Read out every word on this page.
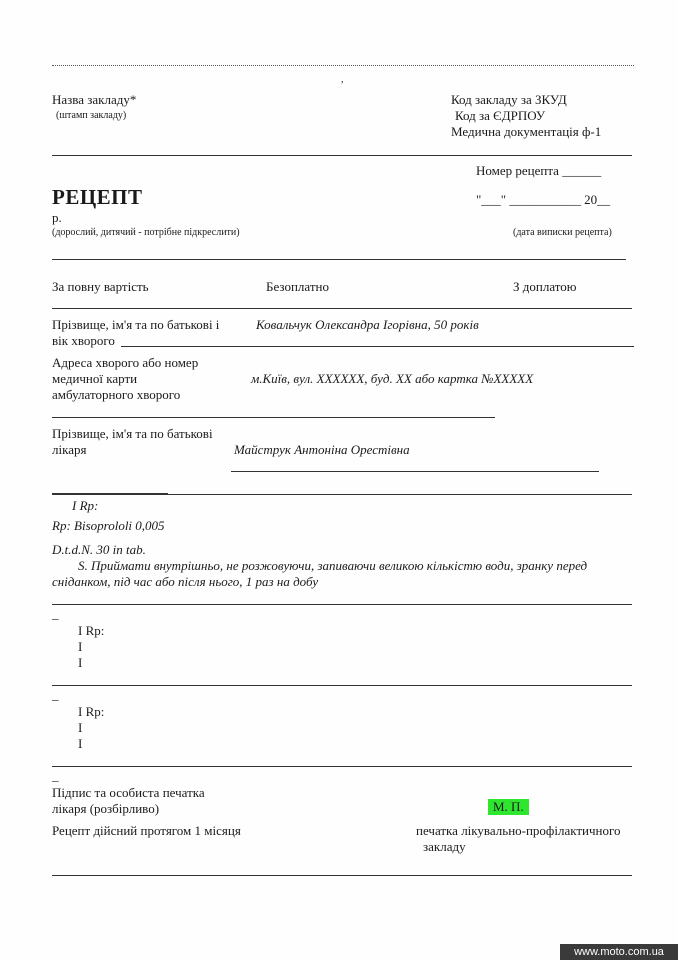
,
Назва закладу*
(штамп закладу)
Код закладу за ЗКУД
Код за ЄДРПОУ
Медична документація ф-1
Номер рецепта ______
РЕЦЕПТ	"___" ___________ 20__
р.
(дорослий, дитячий - потрібне підкреслити)	(дата виписки рецепта)
За повну вартість	Безоплатно	З доплатою
Прізвище, ім'я та по батькові і
вік хворого
Ковальчук Олександра Ігорівна, 50 років
Адреса хворого або номер
медичної карти
амбулаторного хворого
м.Київ, вул. XXXXXX, буд. XX або картка №XXXXX
Прізвище, ім'я та по батькові
лікаря	Майструк Антоніна Орестівна
I Rp:
Rp: Bisoprololi 0,005
D.t.d.N. 30 in tab.
S. Приймати внутрішньо, не розжовуючи, запиваючи великою кількістю води, зранку перед
сніданком, під час або після нього, 1 раз на добу
_
I Rp:
I
I
_
I Rp:
I
I
_
Підпис та особиста печатка
лікаря (розбірливо)	М. П.
Рецепт дійсний протягом 1 місяця	печатка лікувально-профілактичного
закладу
www.moto.com.ua
